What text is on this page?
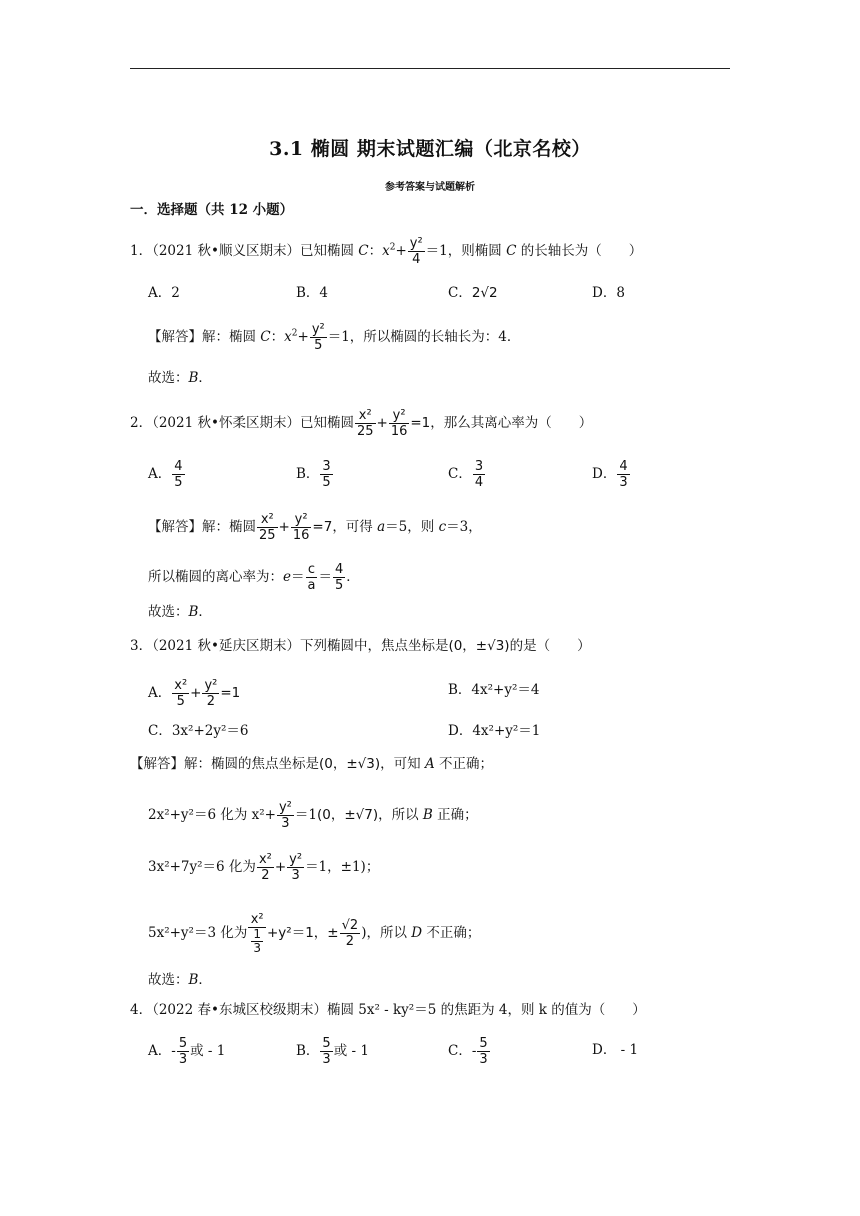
3.1 椭圆 期末试题汇编（北京名校）
参考答案与试题解析
一．选择题（共 12 小题）
1．（2021 秋•顺义区期末）已知椭圆 C：$x^2+ \frac{\text{y²}}{4} =1$，则椭圆 C 的长轴长为（　　）
A．2	B．4	C．2√2	D．8
【解答】解：椭圆 C：$x^2+ \frac{\text{y²}}{5} =1$，所以椭圆的长轴长为：4．
故选：B．
2．（2021 秋•怀柔区期末）已知椭圆 $\frac{\text{x²}}{25} + \frac{\text{y²}}{16} =1$，那么其离心率为（　　）
A． $\frac{4}{5}$	B． $\frac{3}{5}$	C． $\frac{3}{4}$	D． $\frac{4}{3}$
【解答】解：椭圆 $\frac{\text{x²}}{25} + \frac{\text{y²}}{16} =7$，可得 a＝5，则 c＝3，
所以椭圆的离心率为：$e= \frac{c}{a} = \frac{4}{5}$ ．
故选：B．
3．（2021 秋•延庆区期末）下列椭圆中，焦点坐标是(0，±√3)的是（　　）
A． $\frac{\text{x²}}{5} + \frac{\text{y²}}{2} =1$	B．4x²+y²＝4
C．3x²+2y²＝6	D．4x²+y²＝1
【解答】解：椭圆的焦点坐标是(0，±√3)，可知 A 不正确；
2x²+y²＝6 化为 $x^2+ \frac{\text{y²}}{3} =1(0$，±√7)，所以 B 正确；
3x²+7y²＝6 化为 $\frac{\text{x²}}{2} + \frac{\text{y²}}{3} =1$，±1)；
5x²+y²＝3 化为 $\frac{\text{x²}}{\frac{1}{3}} +y^2=1$，± $\frac{√2}{2}$ )，所以 D 不正确；
故选：B．
4．（2022 春•东城区校级期末）椭圆 5x² - ky²＝5 的焦距为 4，则 k 的值为（　　）
A．- $\frac{5}{3}$ 或 - 1	B． $\frac{5}{3}$ 或 - 1	C．- $\frac{5}{3}$	D． - 1
